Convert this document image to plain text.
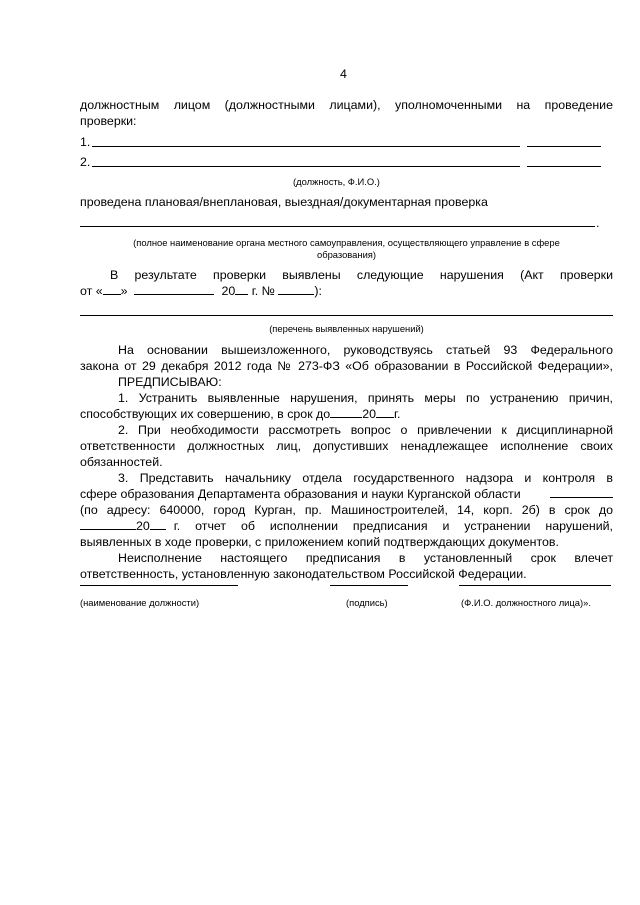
4
должностным лицом (должностными лицами), уполномоченными на проведение
проверки:
1.
2.
(должность, Ф.И.О.)
проведена плановая/внеплановая, выездная/документарная проверка
.
(полное наименование органа местного самоуправления, осуществляющего управление в сфере
образования)
В результате проверки выявлены следующие нарушения (Акт проверки
от « »	20 г. №	):
(перечень выявленных нарушений)
На основании вышеизложенного, руководствуясь статьей 93 Федерального
закона от 29 декабря 2012 года № 273-ФЗ «Об образовании в Российской Федерации»,
ПРЕДПИСЫВАЮ:
1. Устранить выявленные нарушения, принять меры по устранению причин,
способствующих их совершению, в срок до	20 г.
2. При необходимости рассмотреть вопрос о привлечении к дисциплинарной
ответственности должностных лиц, допустивших ненадлежащее исполнение своих
обязанностей.
3. Представить начальнику отдела государственного надзора и контроля в
сфере образования Департамента образования и науки Курганской области
(по адресу: 640000, город Курган, пр. Машиностроителей, 14, корп. 2б) в срок до
20 г. отчет об исполнении предписания и устранении нарушений,
выявленных в ходе проверки, с приложением копий подтверждающих документов.
Неисполнение настоящего предписания в установленный срок влечет
ответственность, установленную законодательством Российской Федерации.
(наименование должности)	(подпись)	(Ф.И.О. должностного лица)».
